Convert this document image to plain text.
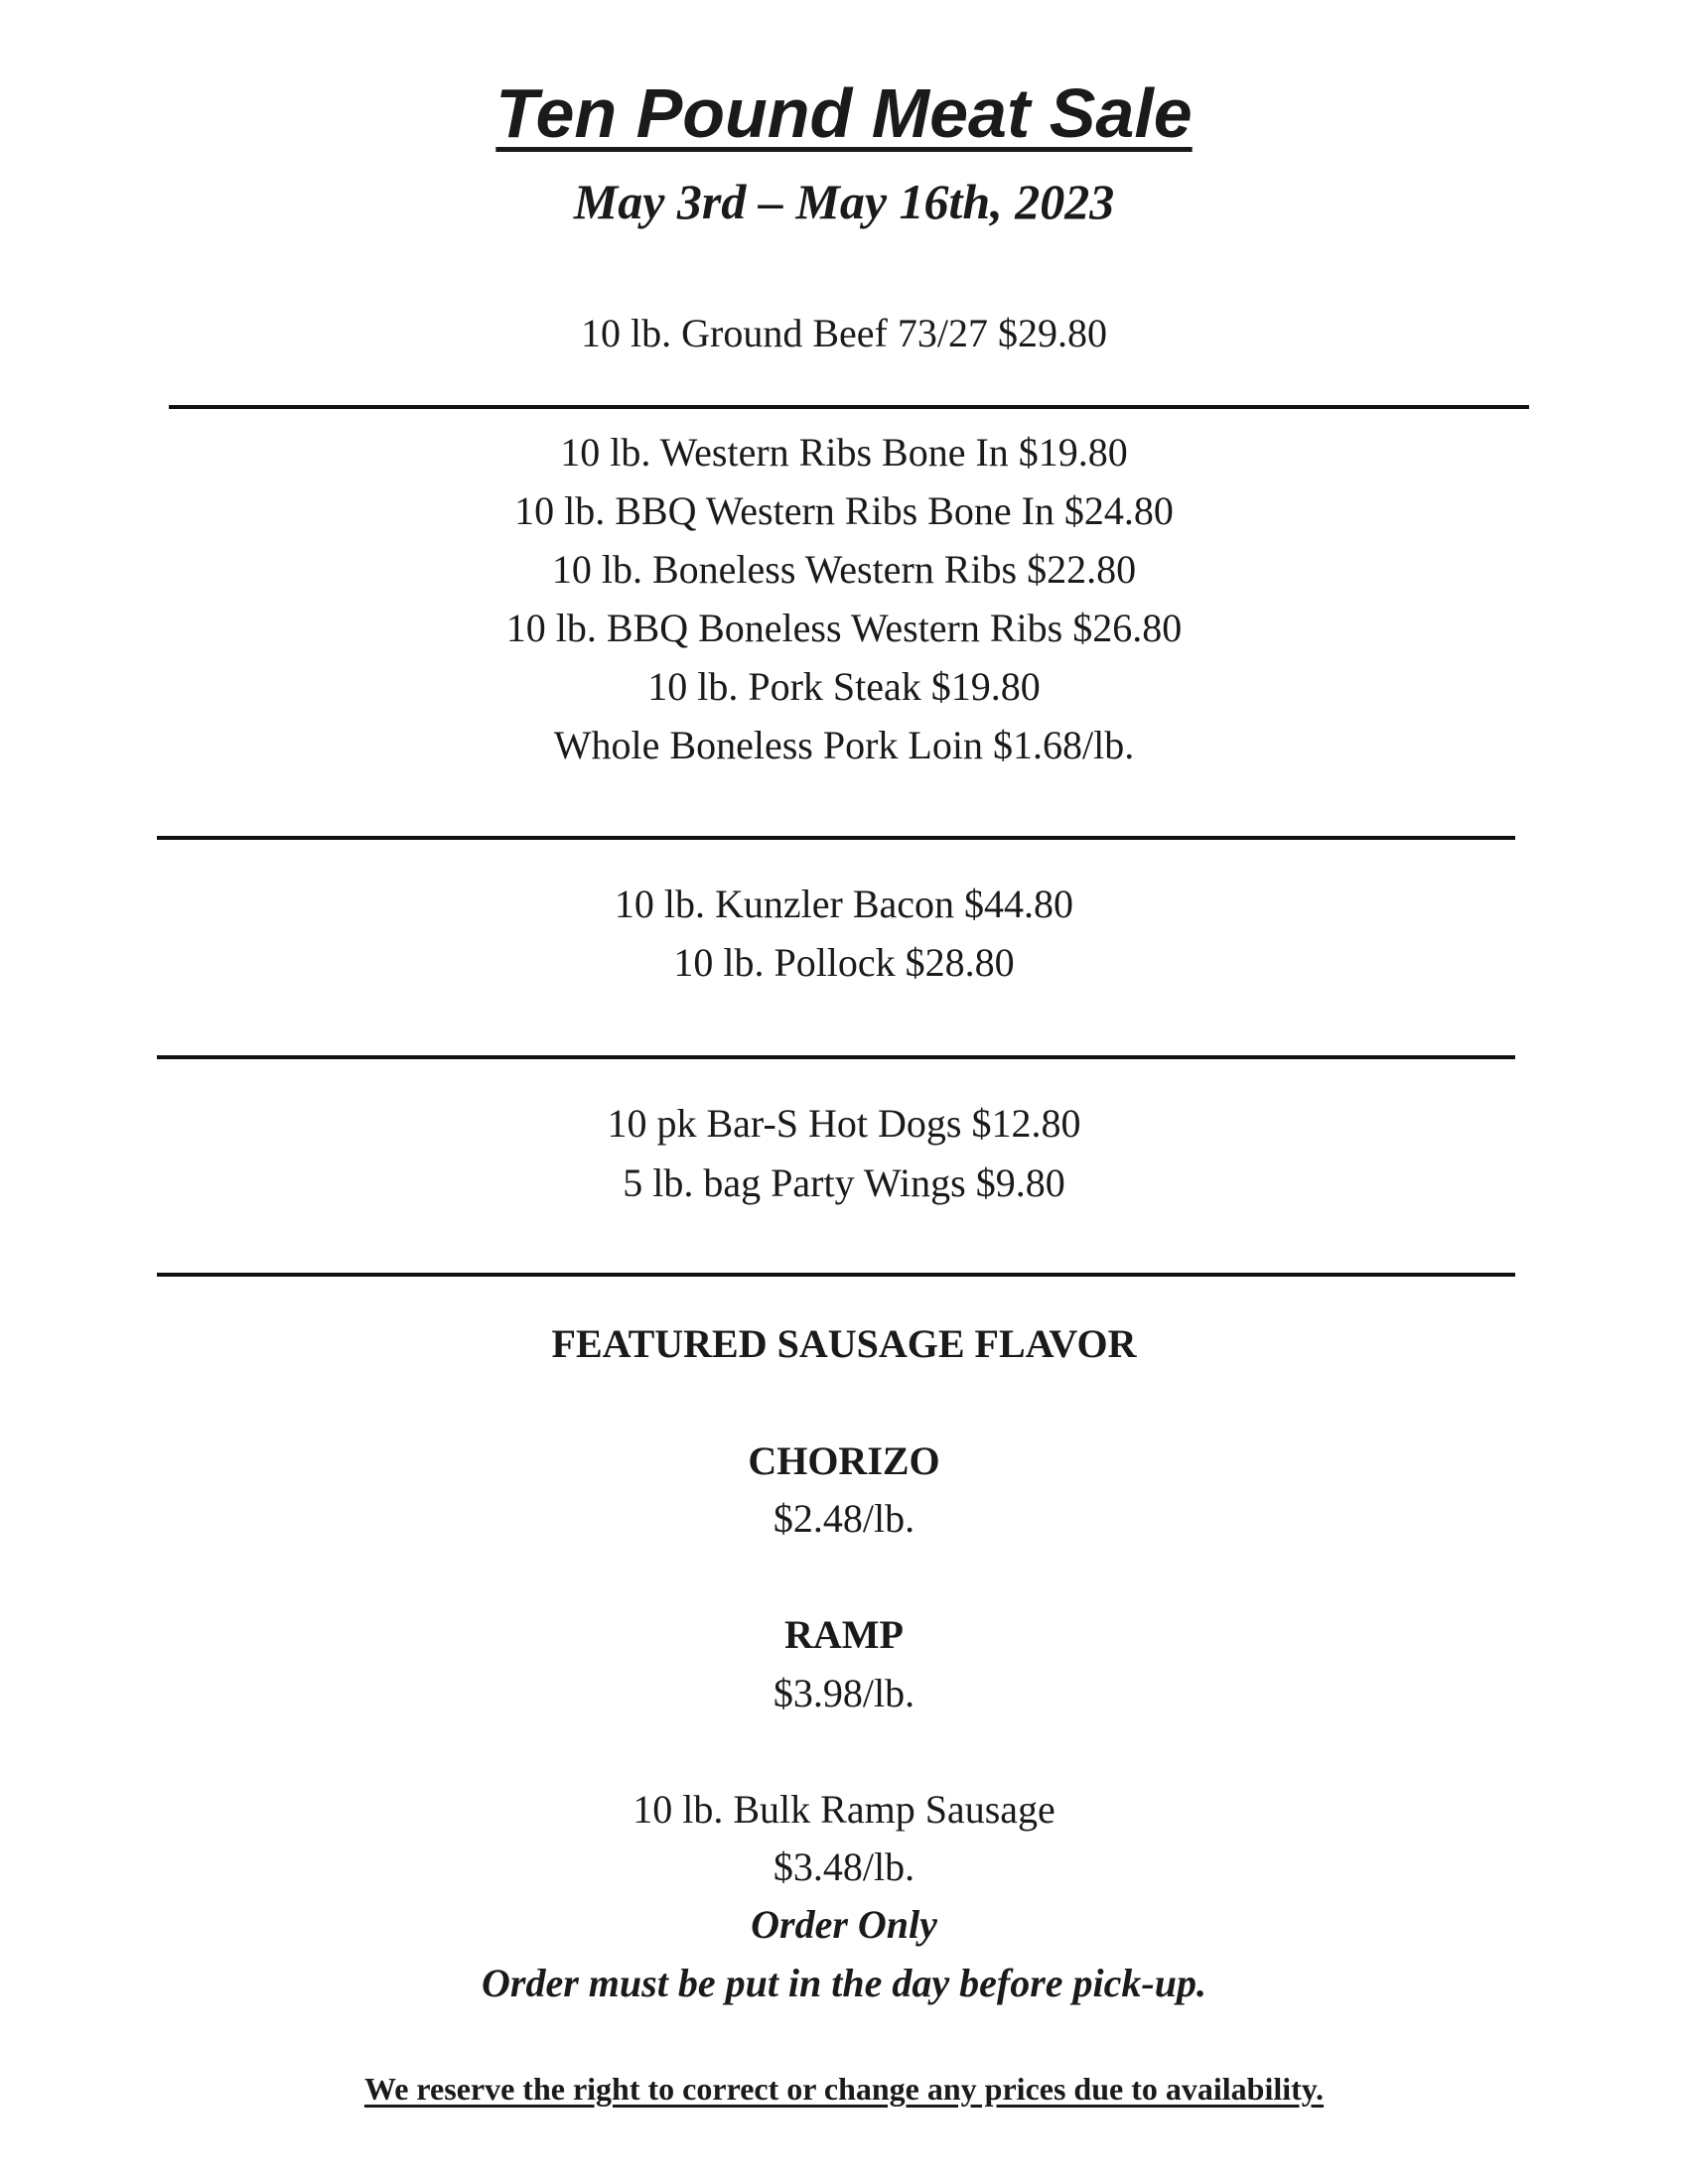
Ten Pound Meat Sale
May 3rd – May 16th, 2023
10 lb. Ground Beef 73/27 $29.80
10 lb. Western Ribs Bone In $19.80
10 lb. BBQ Western Ribs Bone In $24.80
10 lb. Boneless Western Ribs $22.80
10 lb. BBQ Boneless Western Ribs $26.80
10 lb. Pork Steak $19.80
Whole Boneless Pork Loin $1.68/lb.
10 lb. Kunzler Bacon $44.80
10 lb. Pollock $28.80
10 pk Bar-S Hot Dogs $12.80
5 lb. bag Party Wings $9.80
FEATURED SAUSAGE FLAVOR
CHORIZO
$2.48/lb.
RAMP
$3.98/lb.
10 lb. Bulk Ramp Sausage
$3.48/lb.
Order Only
Order must be put in the day before pick-up.
We reserve the right to correct or change any prices due to availability.
